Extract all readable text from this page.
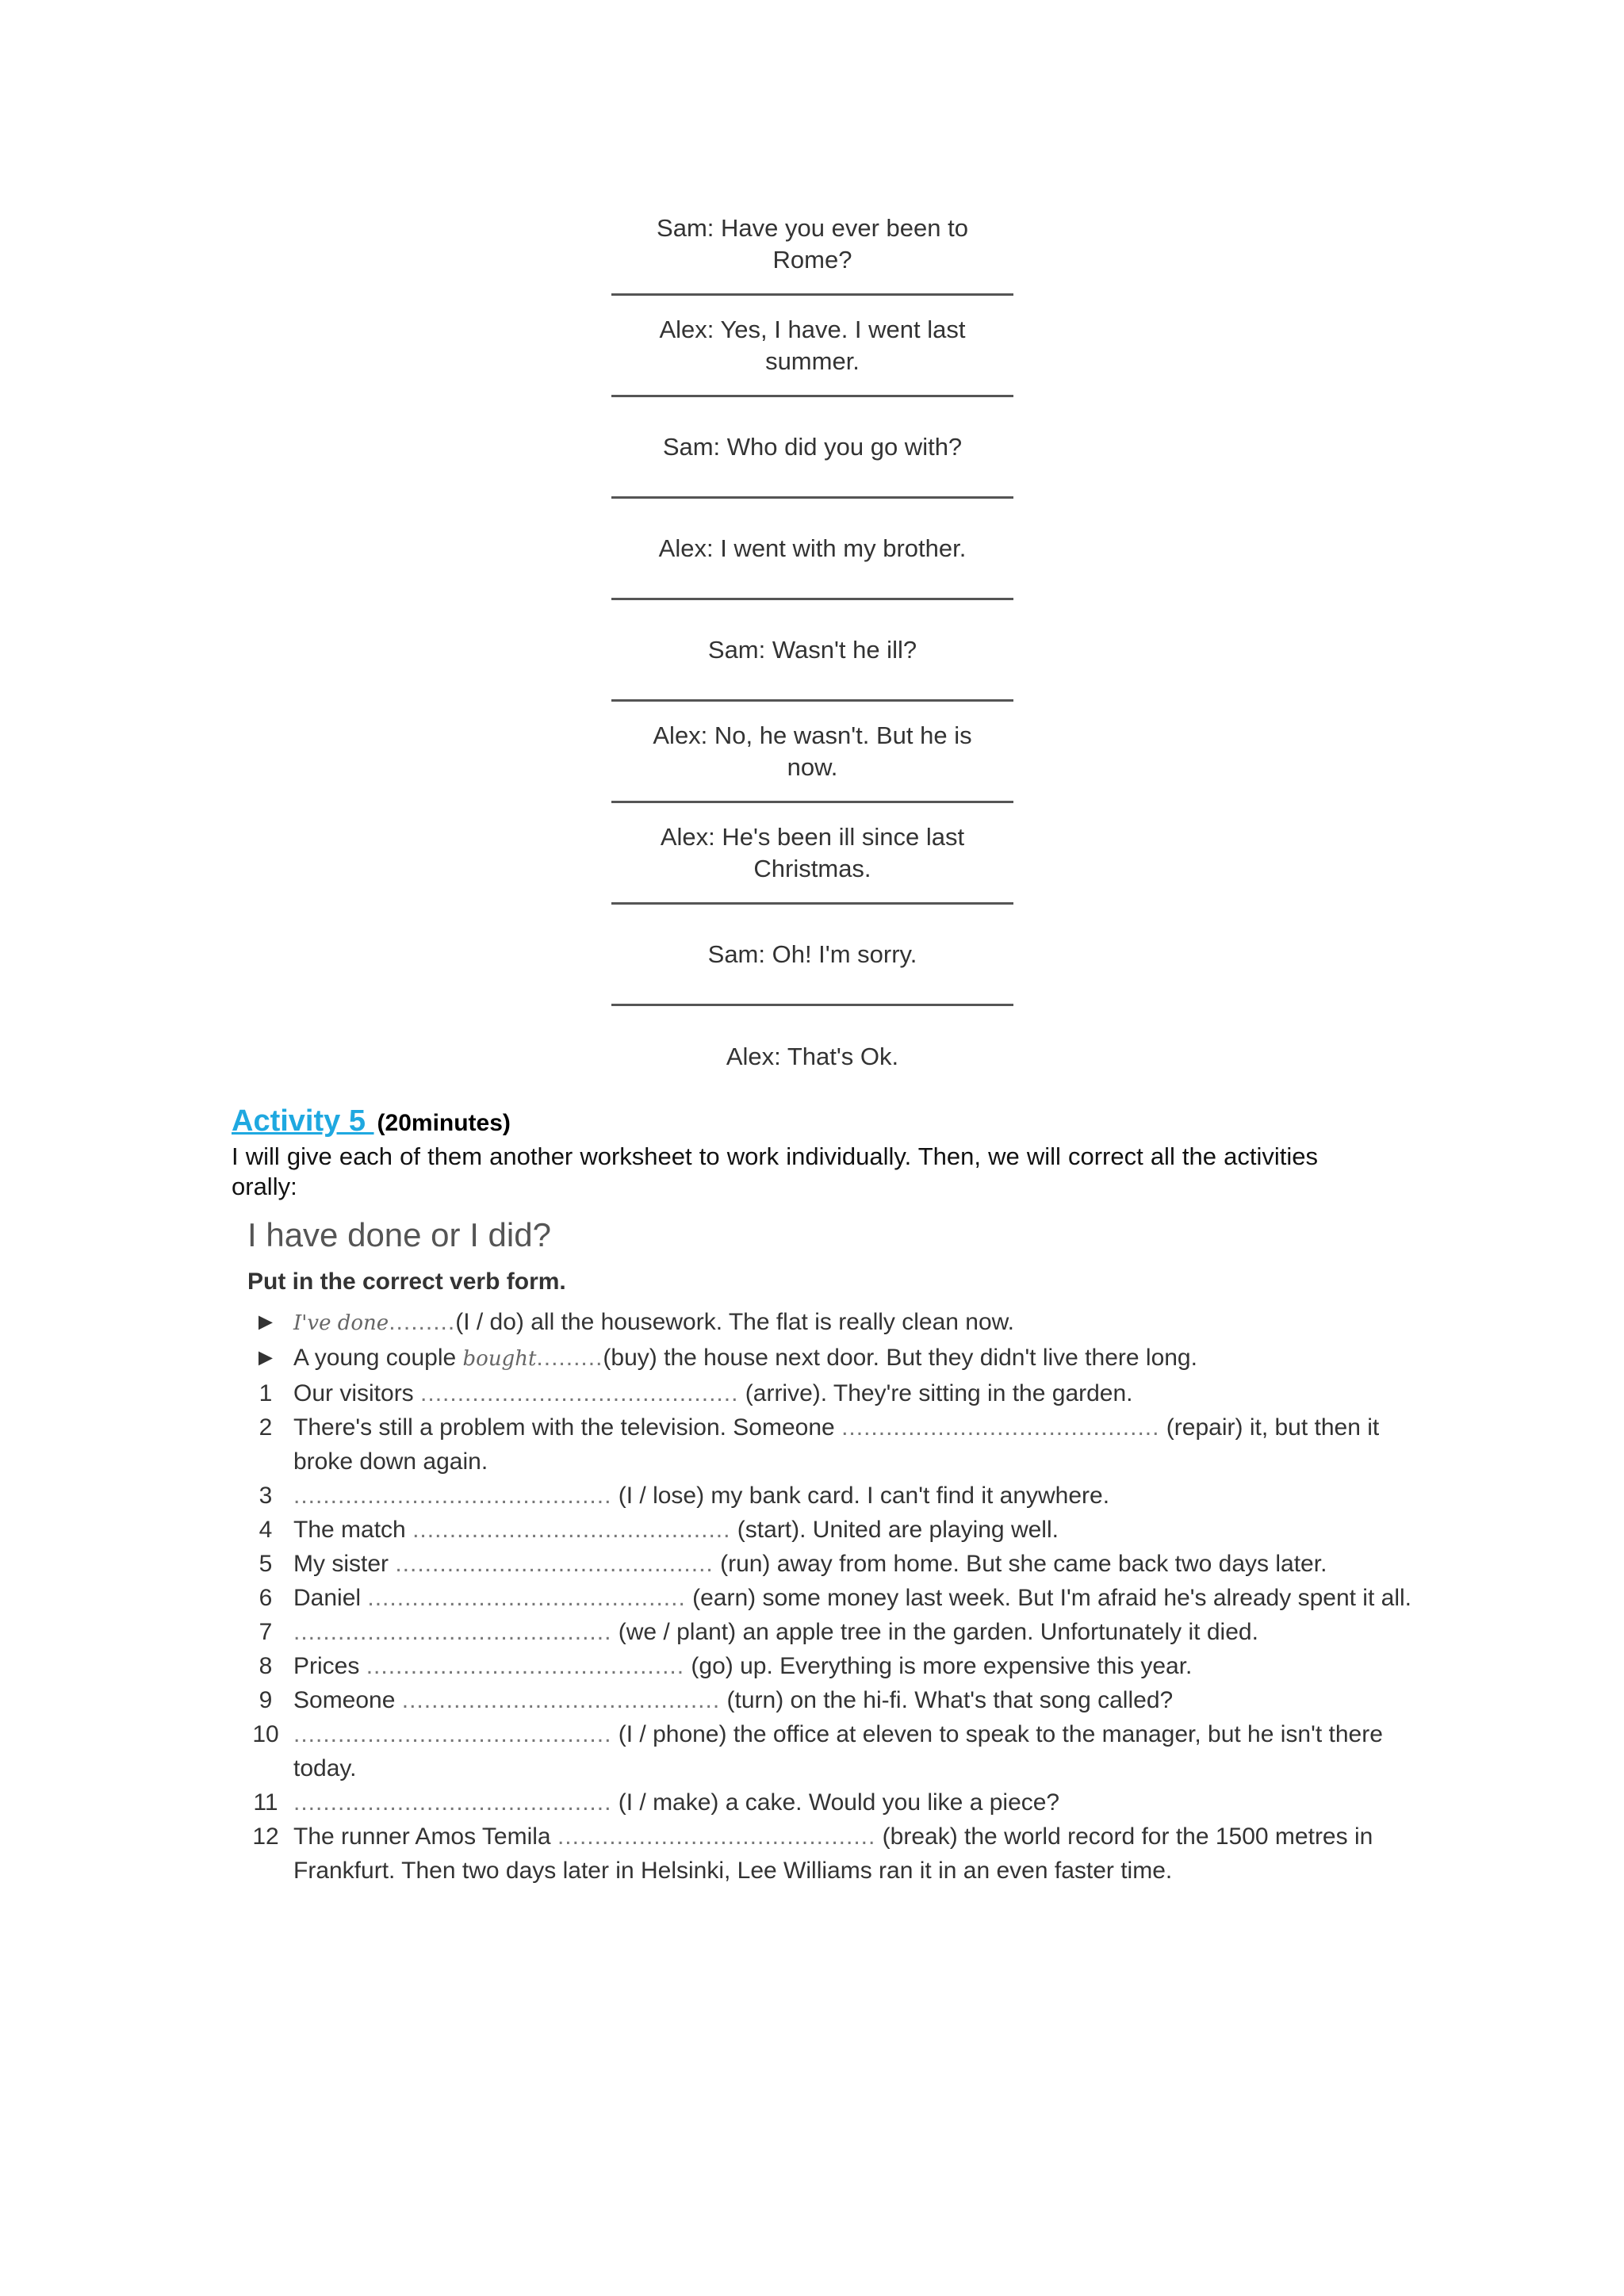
Sam: Have you ever been to Rome?
Alex: Yes, I have. I went last summer.
Sam: Who did you go with?
Alex: I went with my brother.
Sam: Wasn't he ill?
Alex: No, he wasn't. But he is now.
Alex: He's been ill since last Christmas.
Sam: Oh! I'm sorry.
Alex: That's Ok.
Activity 5 (20minutes)
I will give each of them another worksheet to work individually. Then, we will correct all the activities orally:
I have done or I did?
Put in the correct verb form.
► I've done.........(I / do) all the housework. The flat is really clean now.
► A young couple bought.........(buy) the house next door. But they didn't live there long.
1 Our visitors ........................................... (arrive). They're sitting in the garden.
2 There's still a problem with the television. Someone ........................................... (repair) it, but then it broke down again.
3 ........................................... (I / lose) my bank card. I can't find it anywhere.
4 The match ........................................... (start). United are playing well.
5 My sister ........................................... (run) away from home. But she came back two days later.
6 Daniel ........................................... (earn) some money last week. But I'm afraid he's already spent it all.
7 ........................................... (we / plant) an apple tree in the garden. Unfortunately it died.
8 Prices ........................................... (go) up. Everything is more expensive this year.
9 Someone ........................................... (turn) on the hi-fi. What's that song called?
10 ........................................... (I / phone) the office at eleven to speak to the manager, but he isn't there today.
11 ........................................... (I / make) a cake. Would you like a piece?
12 The runner Amos Temila ........................................... (break) the world record for the 1500 metres in Frankfurt. Then two days later in Helsinki, Lee Williams ran it in an even faster time.
